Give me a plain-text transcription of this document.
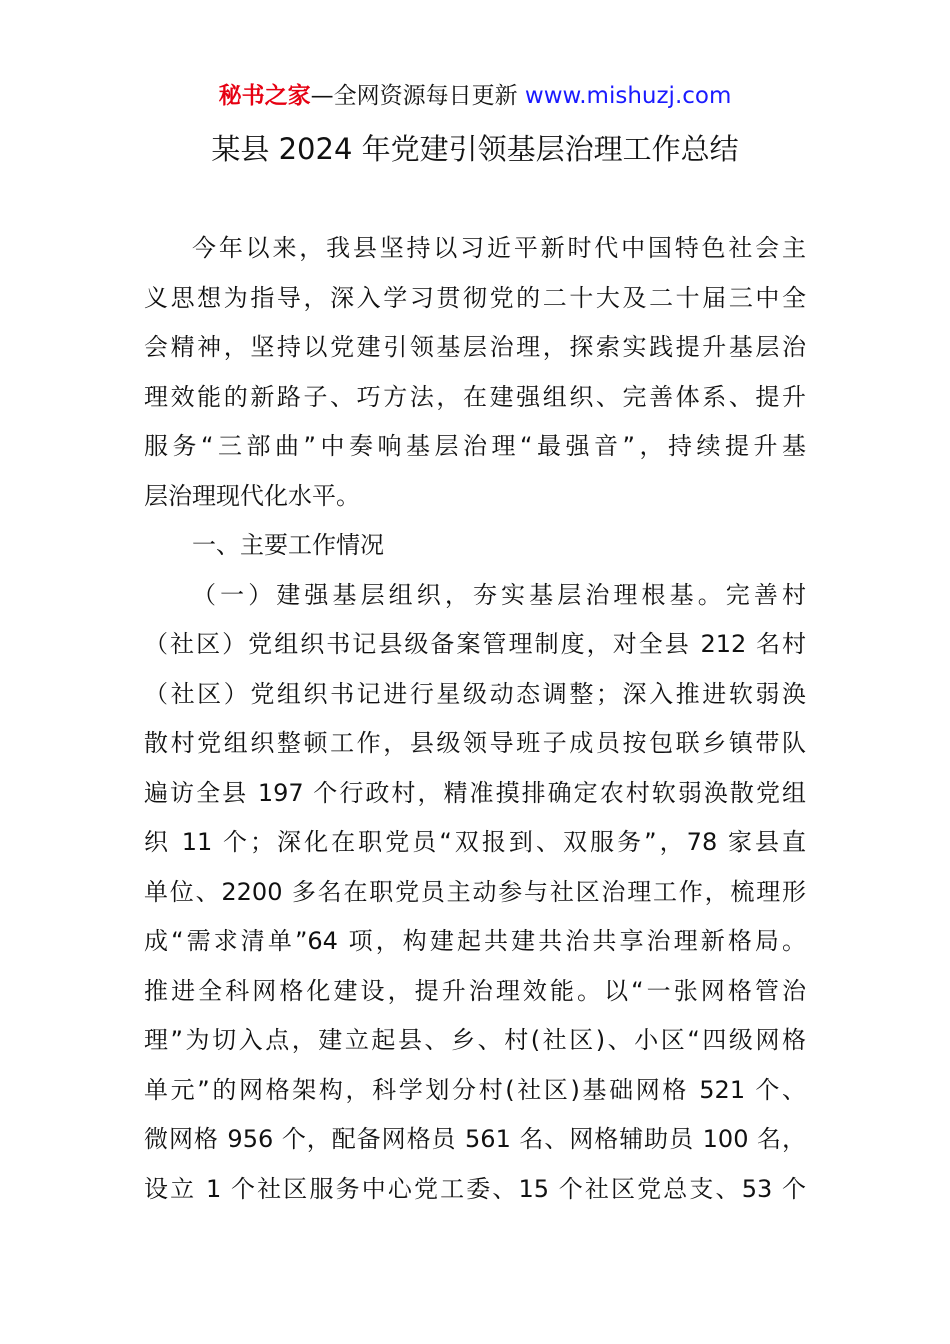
秘书之家—全网资源每日更新 www.mishuzj.com
某县 2024 年党建引领基层治理工作总结
今年以来，我县坚持以习近平新时代中国特色社会主
义思想为指导，深入学习贯彻党的二十大及二十届三中全
会精神，坚持以党建引领基层治理，探索实践提升基层治
理效能的新路子、巧方法，在建强组织、完善体系、提升
服务“三部曲”中奏响基层治理“最强音”，持续提升基
层治理现代化水平。
一、主要工作情况
（一）建强基层组织，夯实基层治理根基。完善村
（社区）党组织书记县级备案管理制度，对全县 212 名村
（社区）党组织书记进行星级动态调整；深入推进软弱涣
散村党组织整顿工作，县级领导班子成员按包联乡镇带队
遍访全县 197 个行政村，精准摸排确定农村软弱涣散党组
织 11 个；深化在职党员“双报到、双服务”，78 家县直
单位、2200 多名在职党员主动参与社区治理工作，梳理形
成“需求清单”64 项，构建起共建共治共享治理新格局。
推进全科网格化建设，提升治理效能。以“一张网格管治
理”为切入点，建立起县、乡、村(社区)、小区“四级网格
单元”的网格架构，科学划分村(社区)基础网格 521 个、
微网格 956 个，配备网格员 561 名、网格辅助员 100 名，
设立 1 个社区服务中心党工委、15 个社区党总支、53 个
